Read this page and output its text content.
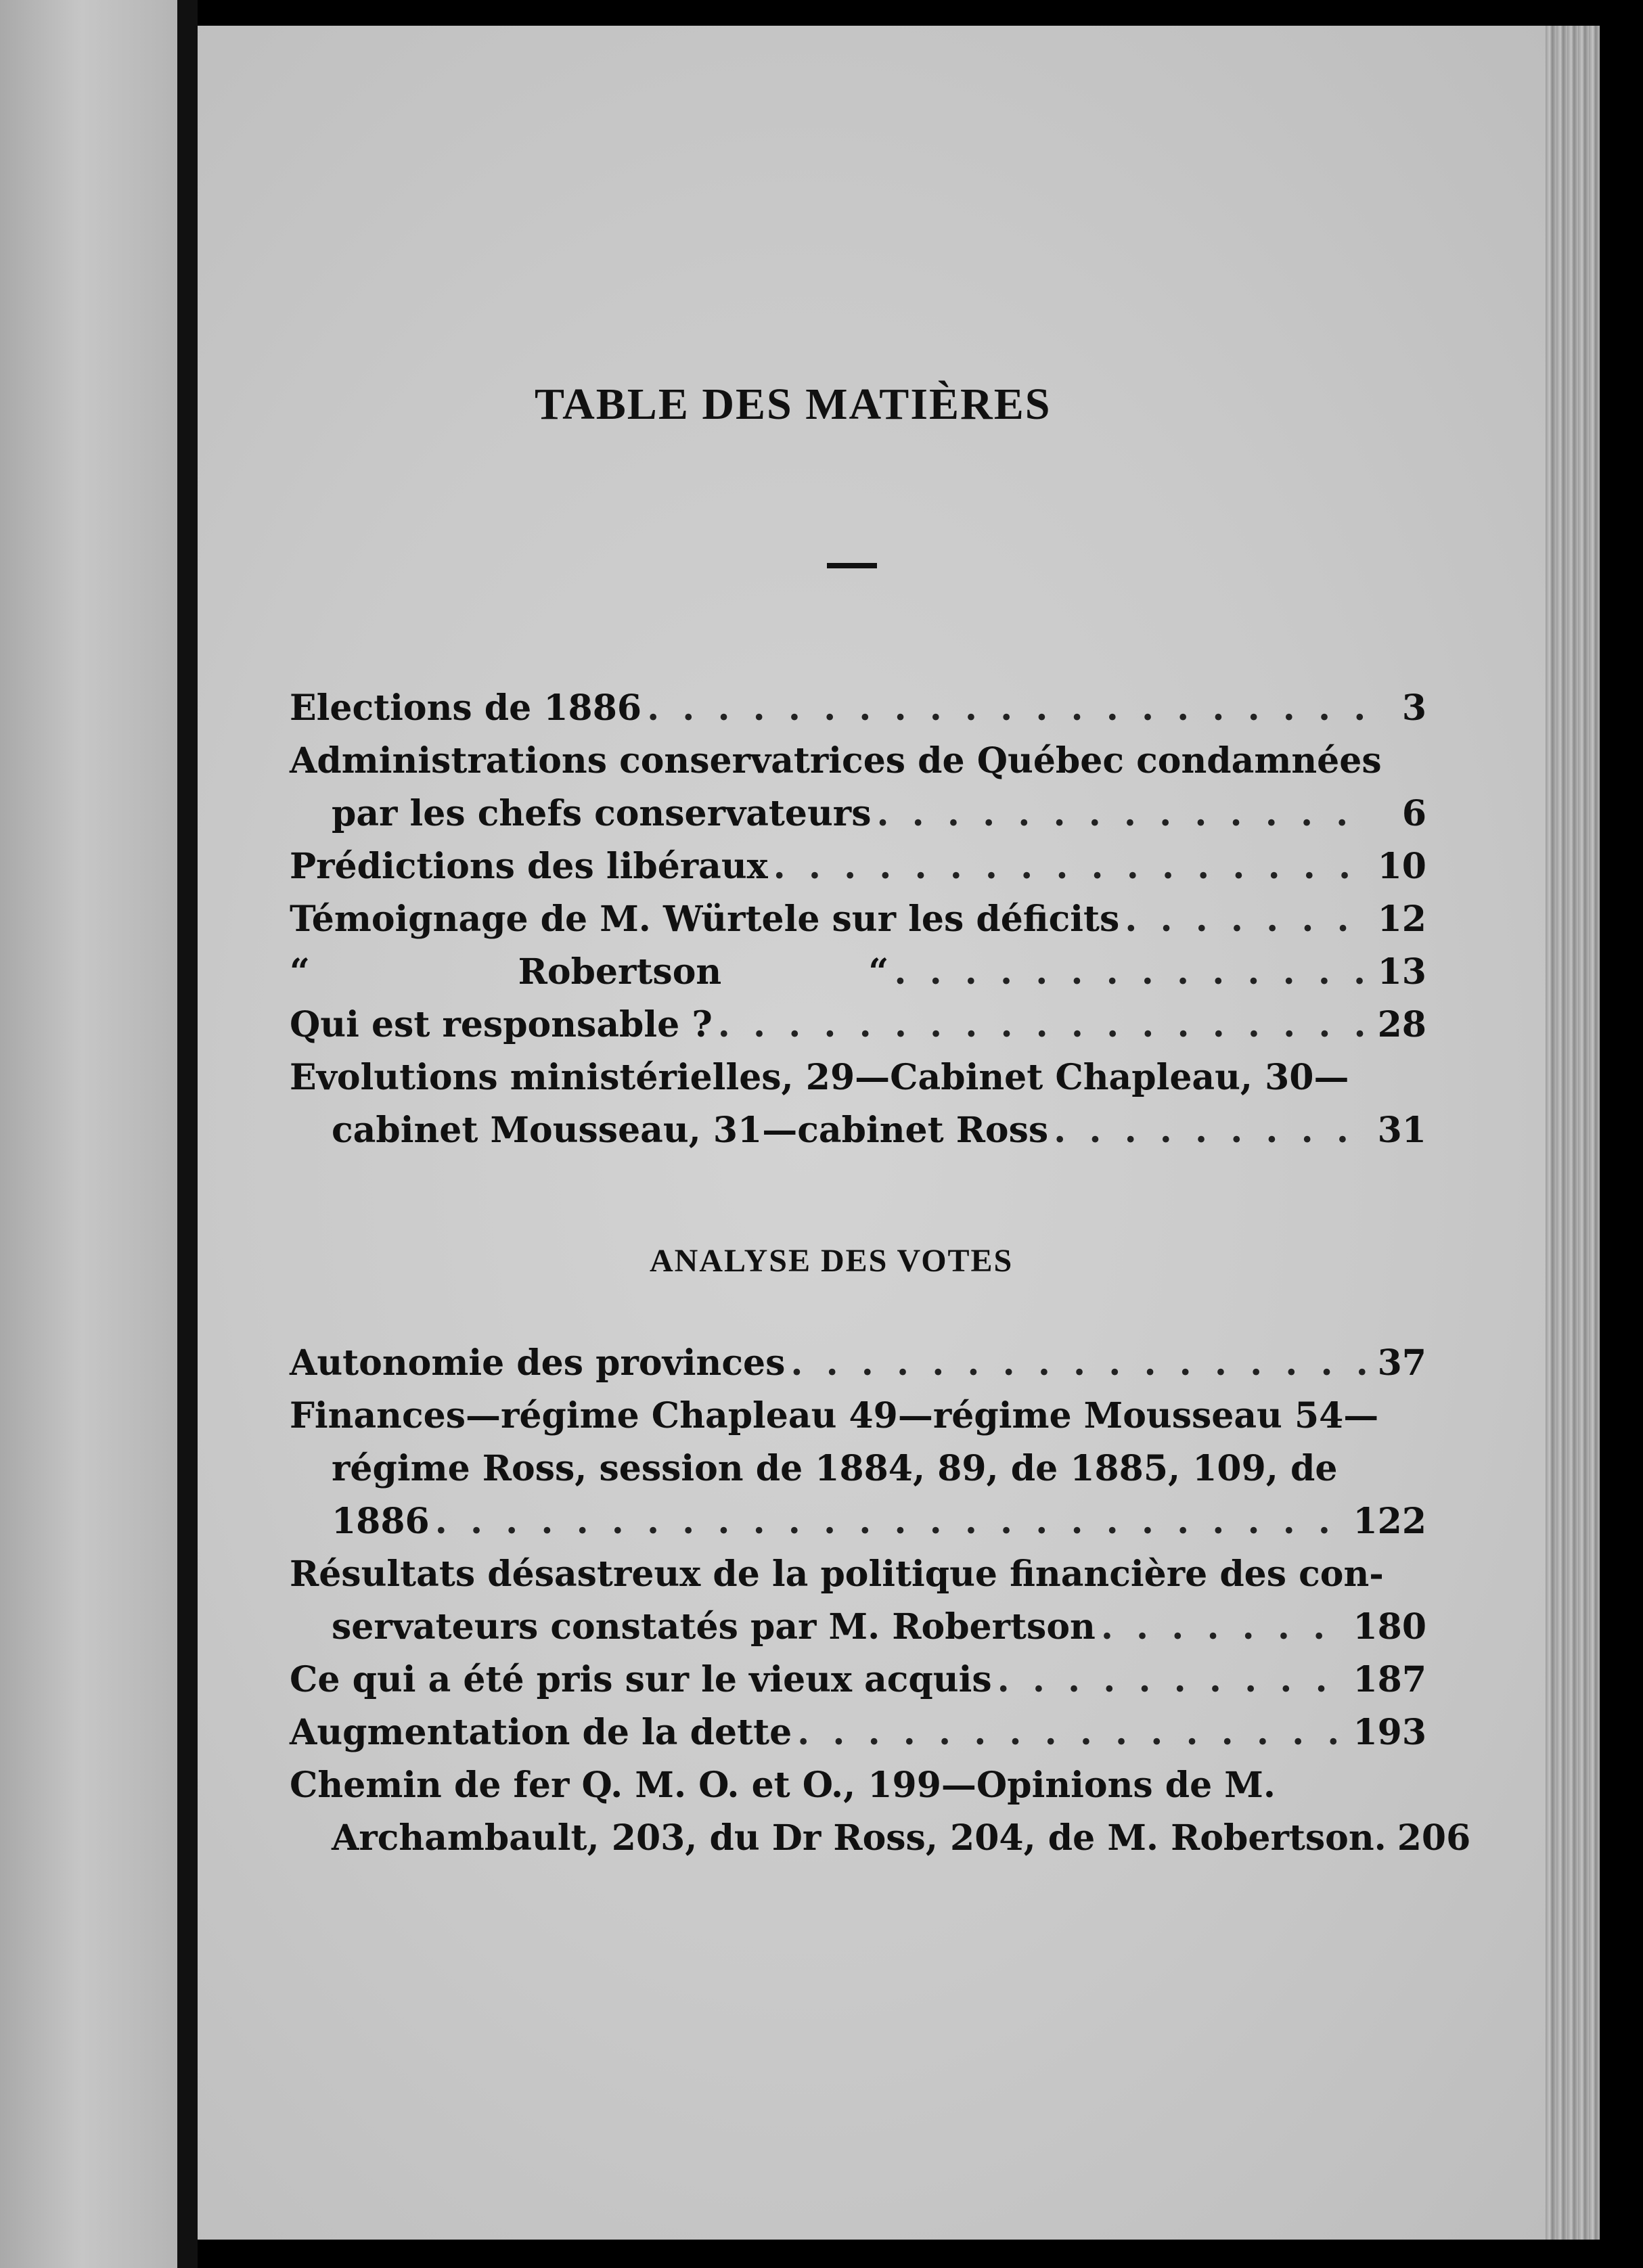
TABLE DES MATIÈRES
Elections de 1886 . . .	3
Administrations conservatrices de Québec condamnées
par les chefs conservateurs . . .	6
Prédictions des libéraux . . .	10
Témoignage de M. Würtele sur les déficits . . .	12
“                 Robertson            “ . . .	13
Qui est responsable ? . . .	28
Evolutions ministérielles, 29—Cabinet Chapleau, 30—
cabinet Mousseau, 31—cabinet Ross . . .	31
ANALYSE DES VOTES
Autonomie des provinces . . .	37
Finances—régime Chapleau 49—régime Mousseau 54—
régime Ross, session de 1884, 89, de 1885, 109, de
1886 . . .	122
Résultats désastreux de la politique financière des con-
servateurs constatés par M. Robertson . . .	180
Ce qui a été pris sur le vieux acquis . . .	187
Augmentation de la dette . . .	193
Chemin de fer Q. M. O. et O., 199—Opinions de M.
Archambault, 203, du Dr Ross, 204, de M. Robertson. 206
